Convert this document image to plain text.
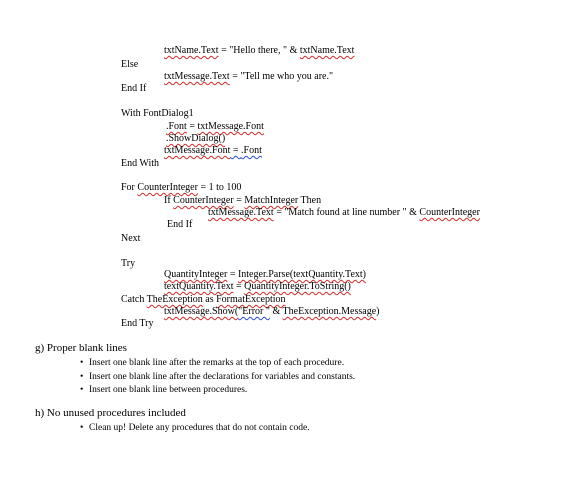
txtName.Text = "Hello there, " & txtName.Text
Else
txtMessage.Text = "Tell me who you are."
End If
With FontDialog1
.Font = txtMessage.Font
.ShowDialog()
txtMessage.Font = .Font
End With
For CounterInteger = 1 to 100
If CounterInteger = MatchInteger Then
txtMessage.Text = "Match found at line number " & CounterInteger
End If
Next
Try
QuantityInteger = Integer.Parse(textQuantity.Text)
textQuantity.Text = QuantityInteger.ToString()
Catch TheException as FormatException
txtMessage.Show("Error " & TheException.Message)
End Try
g) Proper blank lines
• Insert one blank line after the remarks at the top of each procedure.
• Insert one blank line after the declarations for variables and constants.
• Insert one blank line between procedures.
h) No unused procedures included
• Clean up! Delete any procedures that do not contain code.
